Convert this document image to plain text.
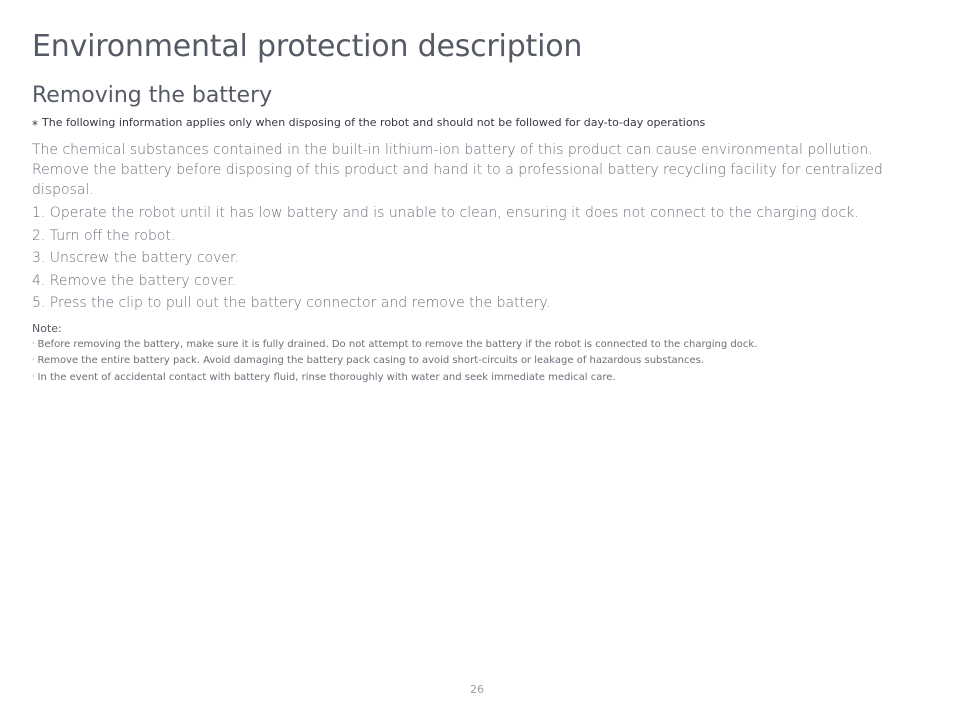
Environmental protection description
Removing the battery
* The following information applies only when disposing of the robot and should not be followed for day-to-day operations

The chemical substances contained in the built-in lithium-ion battery of this product can cause environmental pollution. Remove the battery before disposing of this product and hand it to a professional battery recycling facility for centralized disposal.

1. Operate the robot until it has low battery and is unable to clean, ensuring it does not connect to the charging dock.
2. Turn off the robot.
3. Unscrew the battery cover.
4. Remove the battery cover.
5. Press the clip to pull out the battery connector and remove the battery.
Note:
· Before removing the battery, make sure it is fully drained. Do not attempt to remove the battery if the robot is connected to the charging dock.
· Remove the entire battery pack. Avoid damaging the battery pack casing to avoid short-circuits or leakage of hazardous substances.
· In the event of accidental contact with battery fluid, rinse thoroughly with water and seek immediate medical care.
26
